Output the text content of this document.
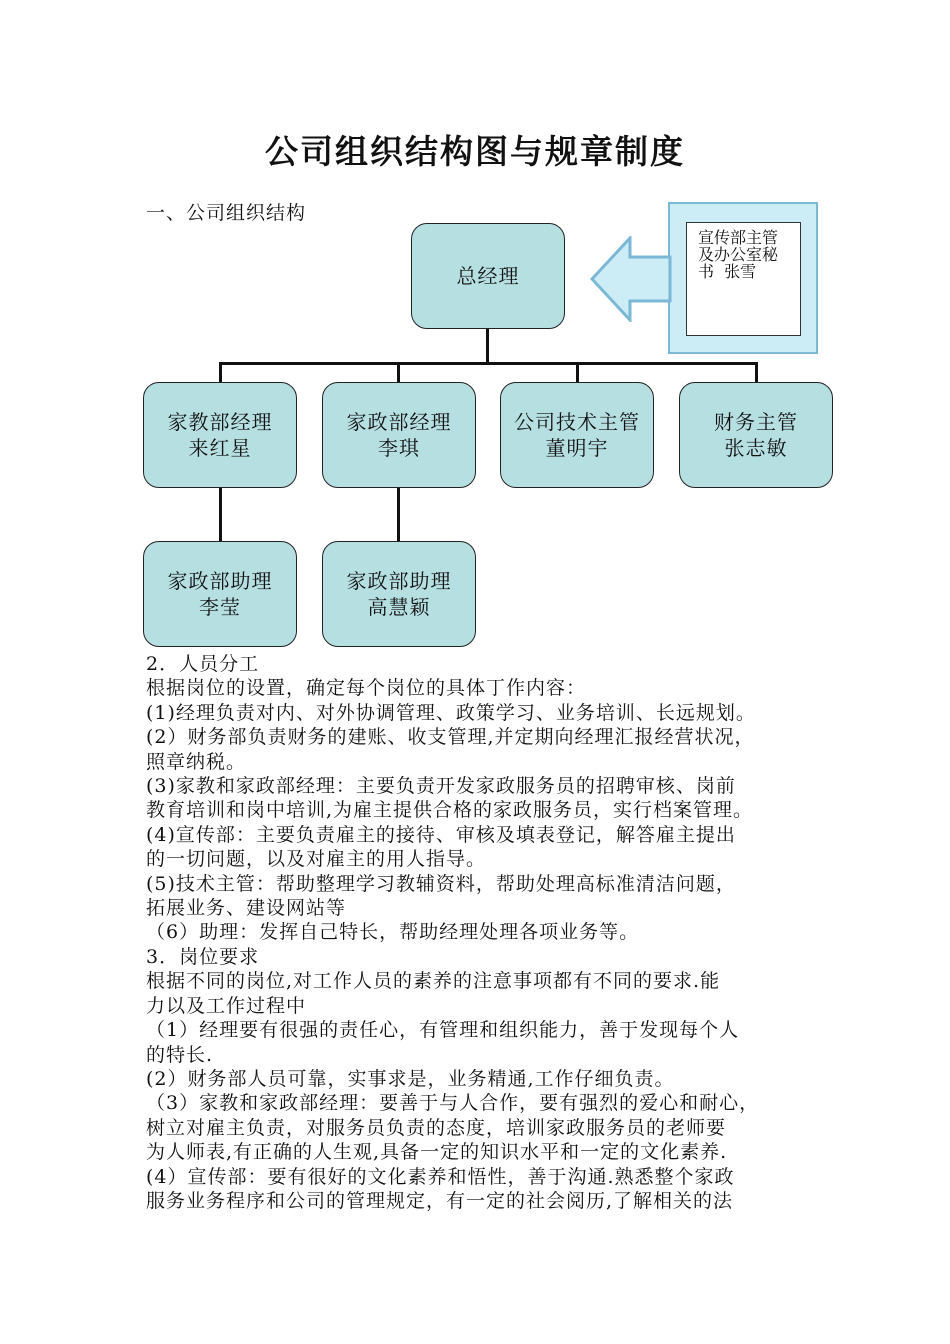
公司组织结构图与规章制度
一、公司组织结构
总经理
宣传部主管
及办公室秘
书  张雪
家教部经理
来红星
家政部经理
李琪
公司技术主管
董明宇
财务主管
张志敏
家政部助理
李莹
家政部助理
高慧颖

2．人员分工

根据岗位的设置，确定每个岗位的具体丁作内容：

(1)经理负责对内、对外协调管理、政策学习、业务培训、长远规划。

(2）财务部负责财务的建账、收支管理,并定期向经理汇报经营状况，

照章纳税。

(3)家教和家政部经理：主要负责开发家政服务员的招聘审核、岗前

教育培训和岗中培训,为雇主提供合格的家政服务员，实行档案管理。

(4)宣传部：主要负责雇主的接待、审核及填表登记，解答雇主提出

的一切问题，以及对雇主的用人指导。

(5)技术主管：帮助整理学习教辅资料，帮助处理高标准清洁问题，

拓展业务、建设网站等

（6）助理：发挥自己特长，帮助经理处理各项业务等。

3．岗位要求

根据不同的岗位,对工作人员的素养的注意事项都有不同的要求.能

力以及工作过程中

（1）经理要有很强的责任心，有管理和组织能力，善于发现每个人

的特长.

(2）财务部人员可靠，实事求是，业务精通,工作仔细负责。

（3）家教和家政部经理：要善于与人合作，要有强烈的爱心和耐心，

树立对雇主负责，对服务员负责的态度，培训家政服务员的老师要

为人师表,有正确的人生观,具备一定的知识水平和一定的文化素养.

(4）宣传部：要有很好的文化素养和悟性，善于沟通.熟悉整个家政

服务业务程序和公司的管理规定，有一定的社会阅历,了解相关的法
